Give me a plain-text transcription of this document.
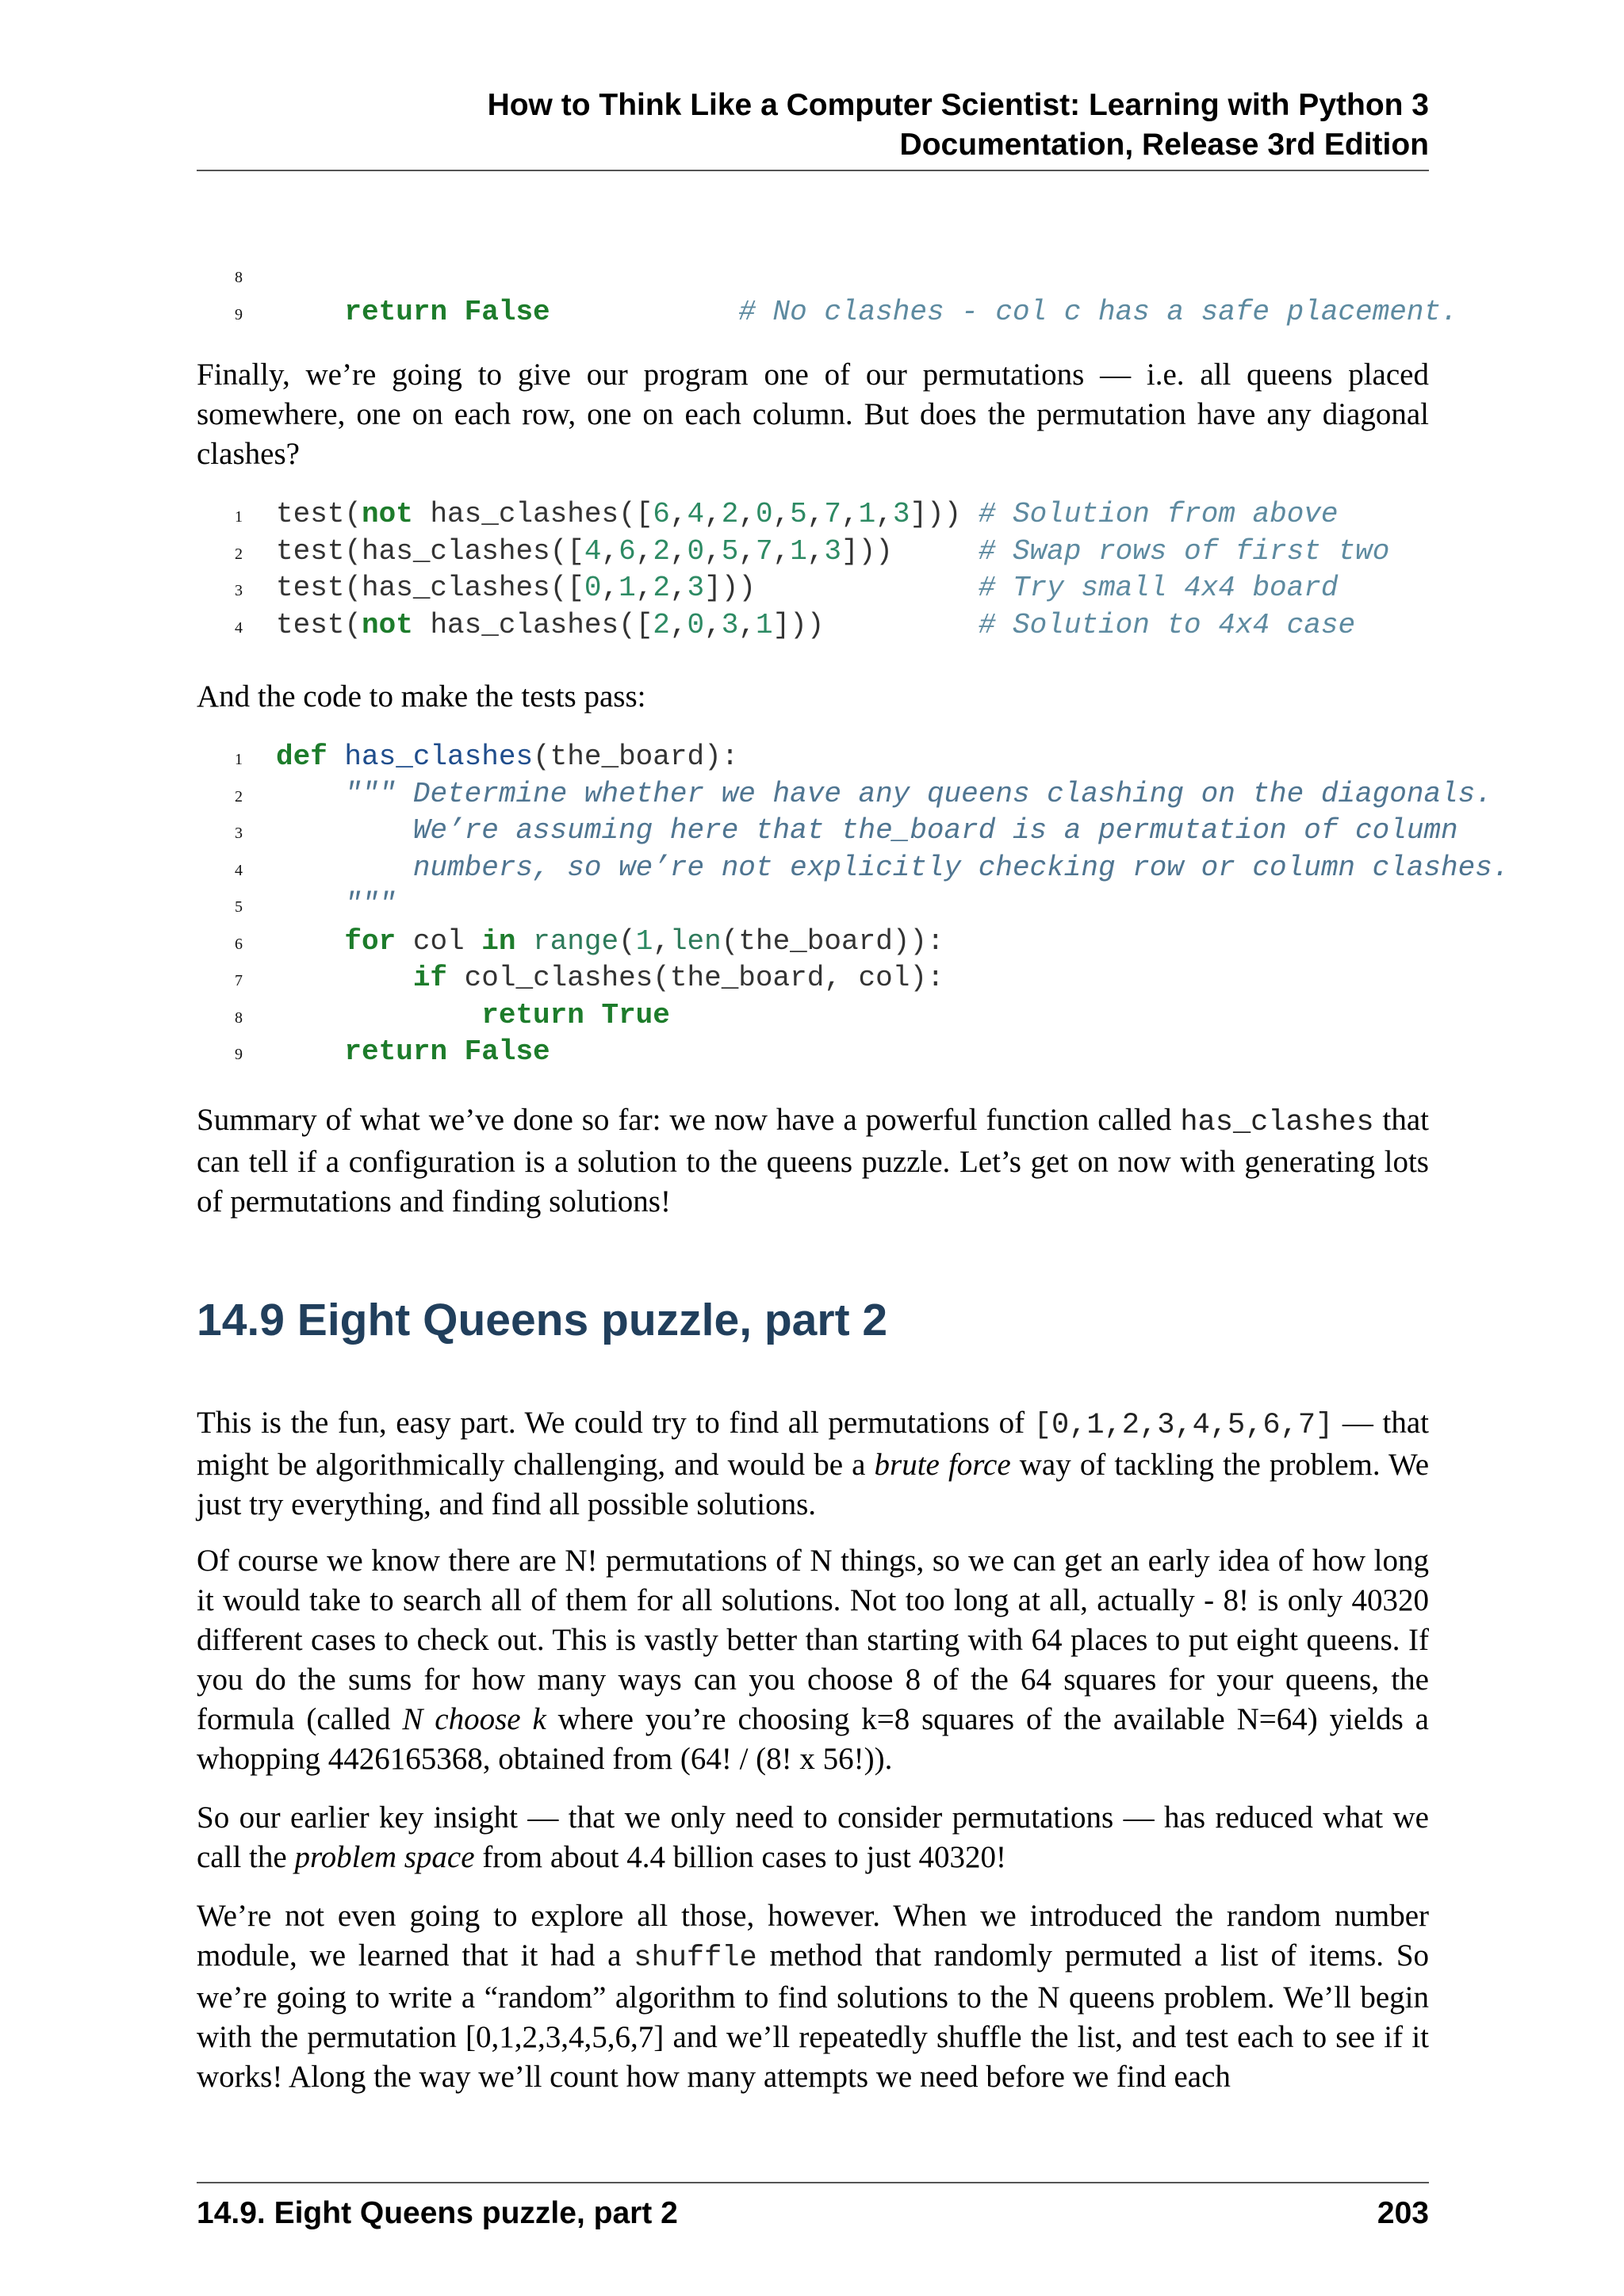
How to Think Like a Computer Scientist: Learning with Python 3
Documentation, Release 3rd Edition

8

9

	return False	# No clashes - col c has a safe placement.

Finally, we’re going to give our program one of our permutations — i.e. all queens placed somewhere, one on each row, one on each column. But does the permutation have any diagonal clashes?

1

	test(not has_clashes([6,4,2,0,5,7,1,3])) # Solution from above

2

	test(has_clashes([4,6,2,0,5,7,1,3]))     # Swap rows of first two

3

	test(has_clashes([0,1,2,3]))             # Try small 4x4 board

4

	test(not has_clashes([2,0,3,1]))         # Solution to 4x4 case

And the code to make the tests pass:

1

	def has_clashes(the_board):

2

	""" Determine whether we have any queens clashing on the diagonals.

3

	We’re assuming here that the_board is a permutation of column

4

	numbers, so we’re not explicitly checking row or column clashes.

5

	"""

6

	for col in range(1,len(the_board)):

7

	if col_clashes(the_board, col):

8

	return True

9

	return False

Summary of what we’ve done so far: we now have a powerful function called has_clashes that can tell if a configuration is a solution to the queens puzzle. Let’s get on now with generating lots of permutations and finding solutions!
14.9 Eight Queens puzzle, part 2
This is the fun, easy part. We could try to find all permutations of [0,1,2,3,4,5,6,7] — that might be algorithmically challenging, and would be a brute force way of tackling the problem. We just try everything, and find all possible solutions.
Of course we know there are N! permutations of N things, so we can get an early idea of how long it would take to search all of them for all solutions. Not too long at all, actually - 8! is only 40320 different cases to check out. This is vastly better than starting with 64 places to put eight queens. If you do the sums for how many ways can you choose 8 of the 64 squares for your queens, the formula (called N choose k where you’re choosing k=8 squares of the available N=64) yields a whopping 4426165368, obtained from (64! / (8! x 56!)).
So our earlier key insight — that we only need to consider permutations — has reduced what we call the problem space from about 4.4 billion cases to just 40320!
We’re not even going to explore all those, however. When we introduced the random number module, we learned that it had a shuffle method that randomly permuted a list of items. So we’re going to write a “random” algorithm to find solutions to the N queens problem. We’ll begin with the permutation [0,1,2,3,4,5,6,7] and we’ll repeatedly shuffle the list, and test each to see if it works! Along the way we’ll count how many attempts we need before we find each
14.9. Eight Queens puzzle, part 2	203
